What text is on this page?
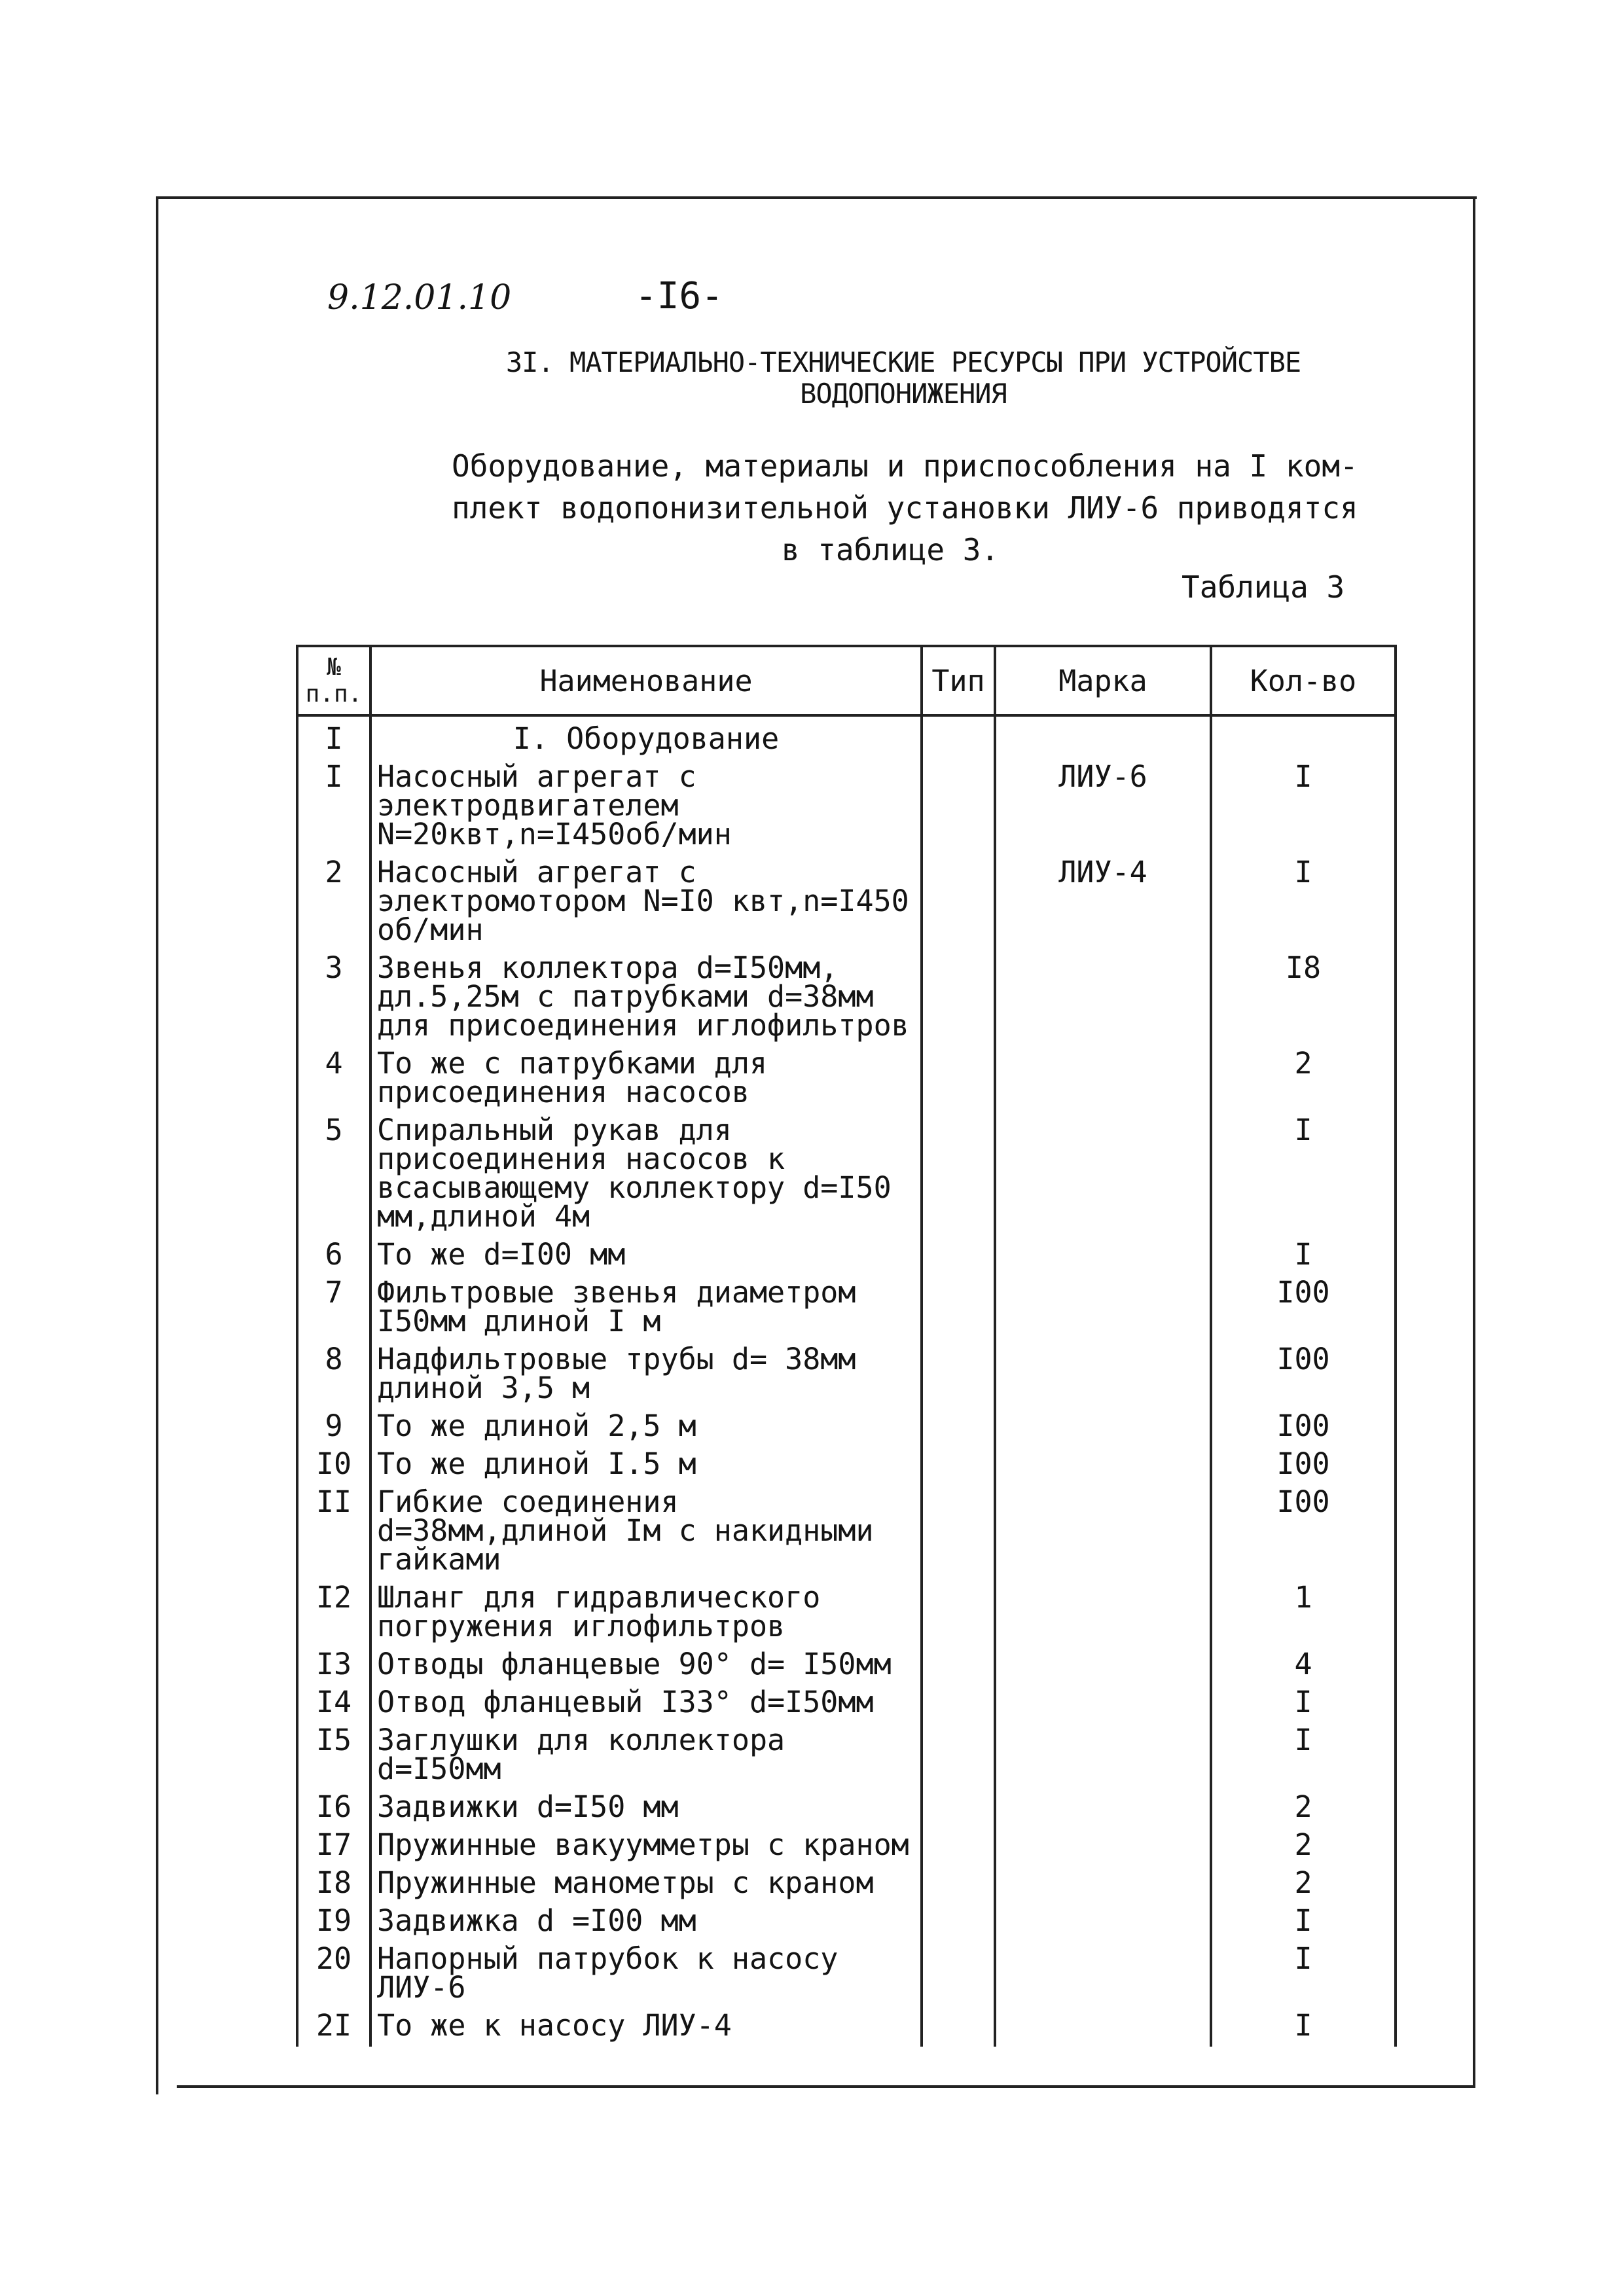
9.12.01.10	-I6-
3I. МАТЕРИАЛЬНО-ТЕХНИЧЕСКИЕ РЕСУРСЫ ПРИ УСТРОЙСТВЕ ВОДОПОНИЖЕНИЯ
Оборудование, материалы и приспособления на I ком-
плект водопонизительной установки ЛИУ-6 приводятся
в таблице 3.
Таблица 3
№ п.п.	Наименование	Тип	Марка	Кол-во
I	I. Оборудование			
I	Насосный агрегат с электродвигателем N=20квт,n=I450об/мин		ЛИУ-6	I
2	Насосный агрегат с электромотором N=I0 квт,n=I450 об/мин		ЛИУ-4	I
3	Звенья коллектора d=I50мм, дл.5,25м с патрубками d=38мм для присоединения иглофильтров			I8
4	То же с патрубками для присоединения насосов			2
5	Спиральный рукав для присоединения насосов к всасывающему коллектору d=I50 мм,длиной 4м			I
6	То же d=I00 мм			I
7	Фильтровые звенья диаметром I50мм длиной I м			I00
8	Надфильтровые трубы d= 38мм длиной 3,5 м			I00
9	То же длиной 2,5 м			I00
I0	То же длиной I.5 м			I00
II	Гибкие соединения d=38мм,длиной Iм с накидными гайками			I00
I2	Шланг для гидравлического погружения иглофильтров			1
I3	Отводы фланцевые 90° d= I50мм			4
I4	Отвод фланцевый I33° d=I50мм			I
I5	Заглушки для коллектора d=I50мм			I
I6	Задвижки d=I50 мм			2
I7	Пружинные вакуумметры с краном			2
I8	Пружинные манометры с краном			2
I9	Задвижка d =I00 мм			I
20	Напорный патрубок к насосу ЛИУ-6			I
2I	То же к насосу ЛИУ-4			I
